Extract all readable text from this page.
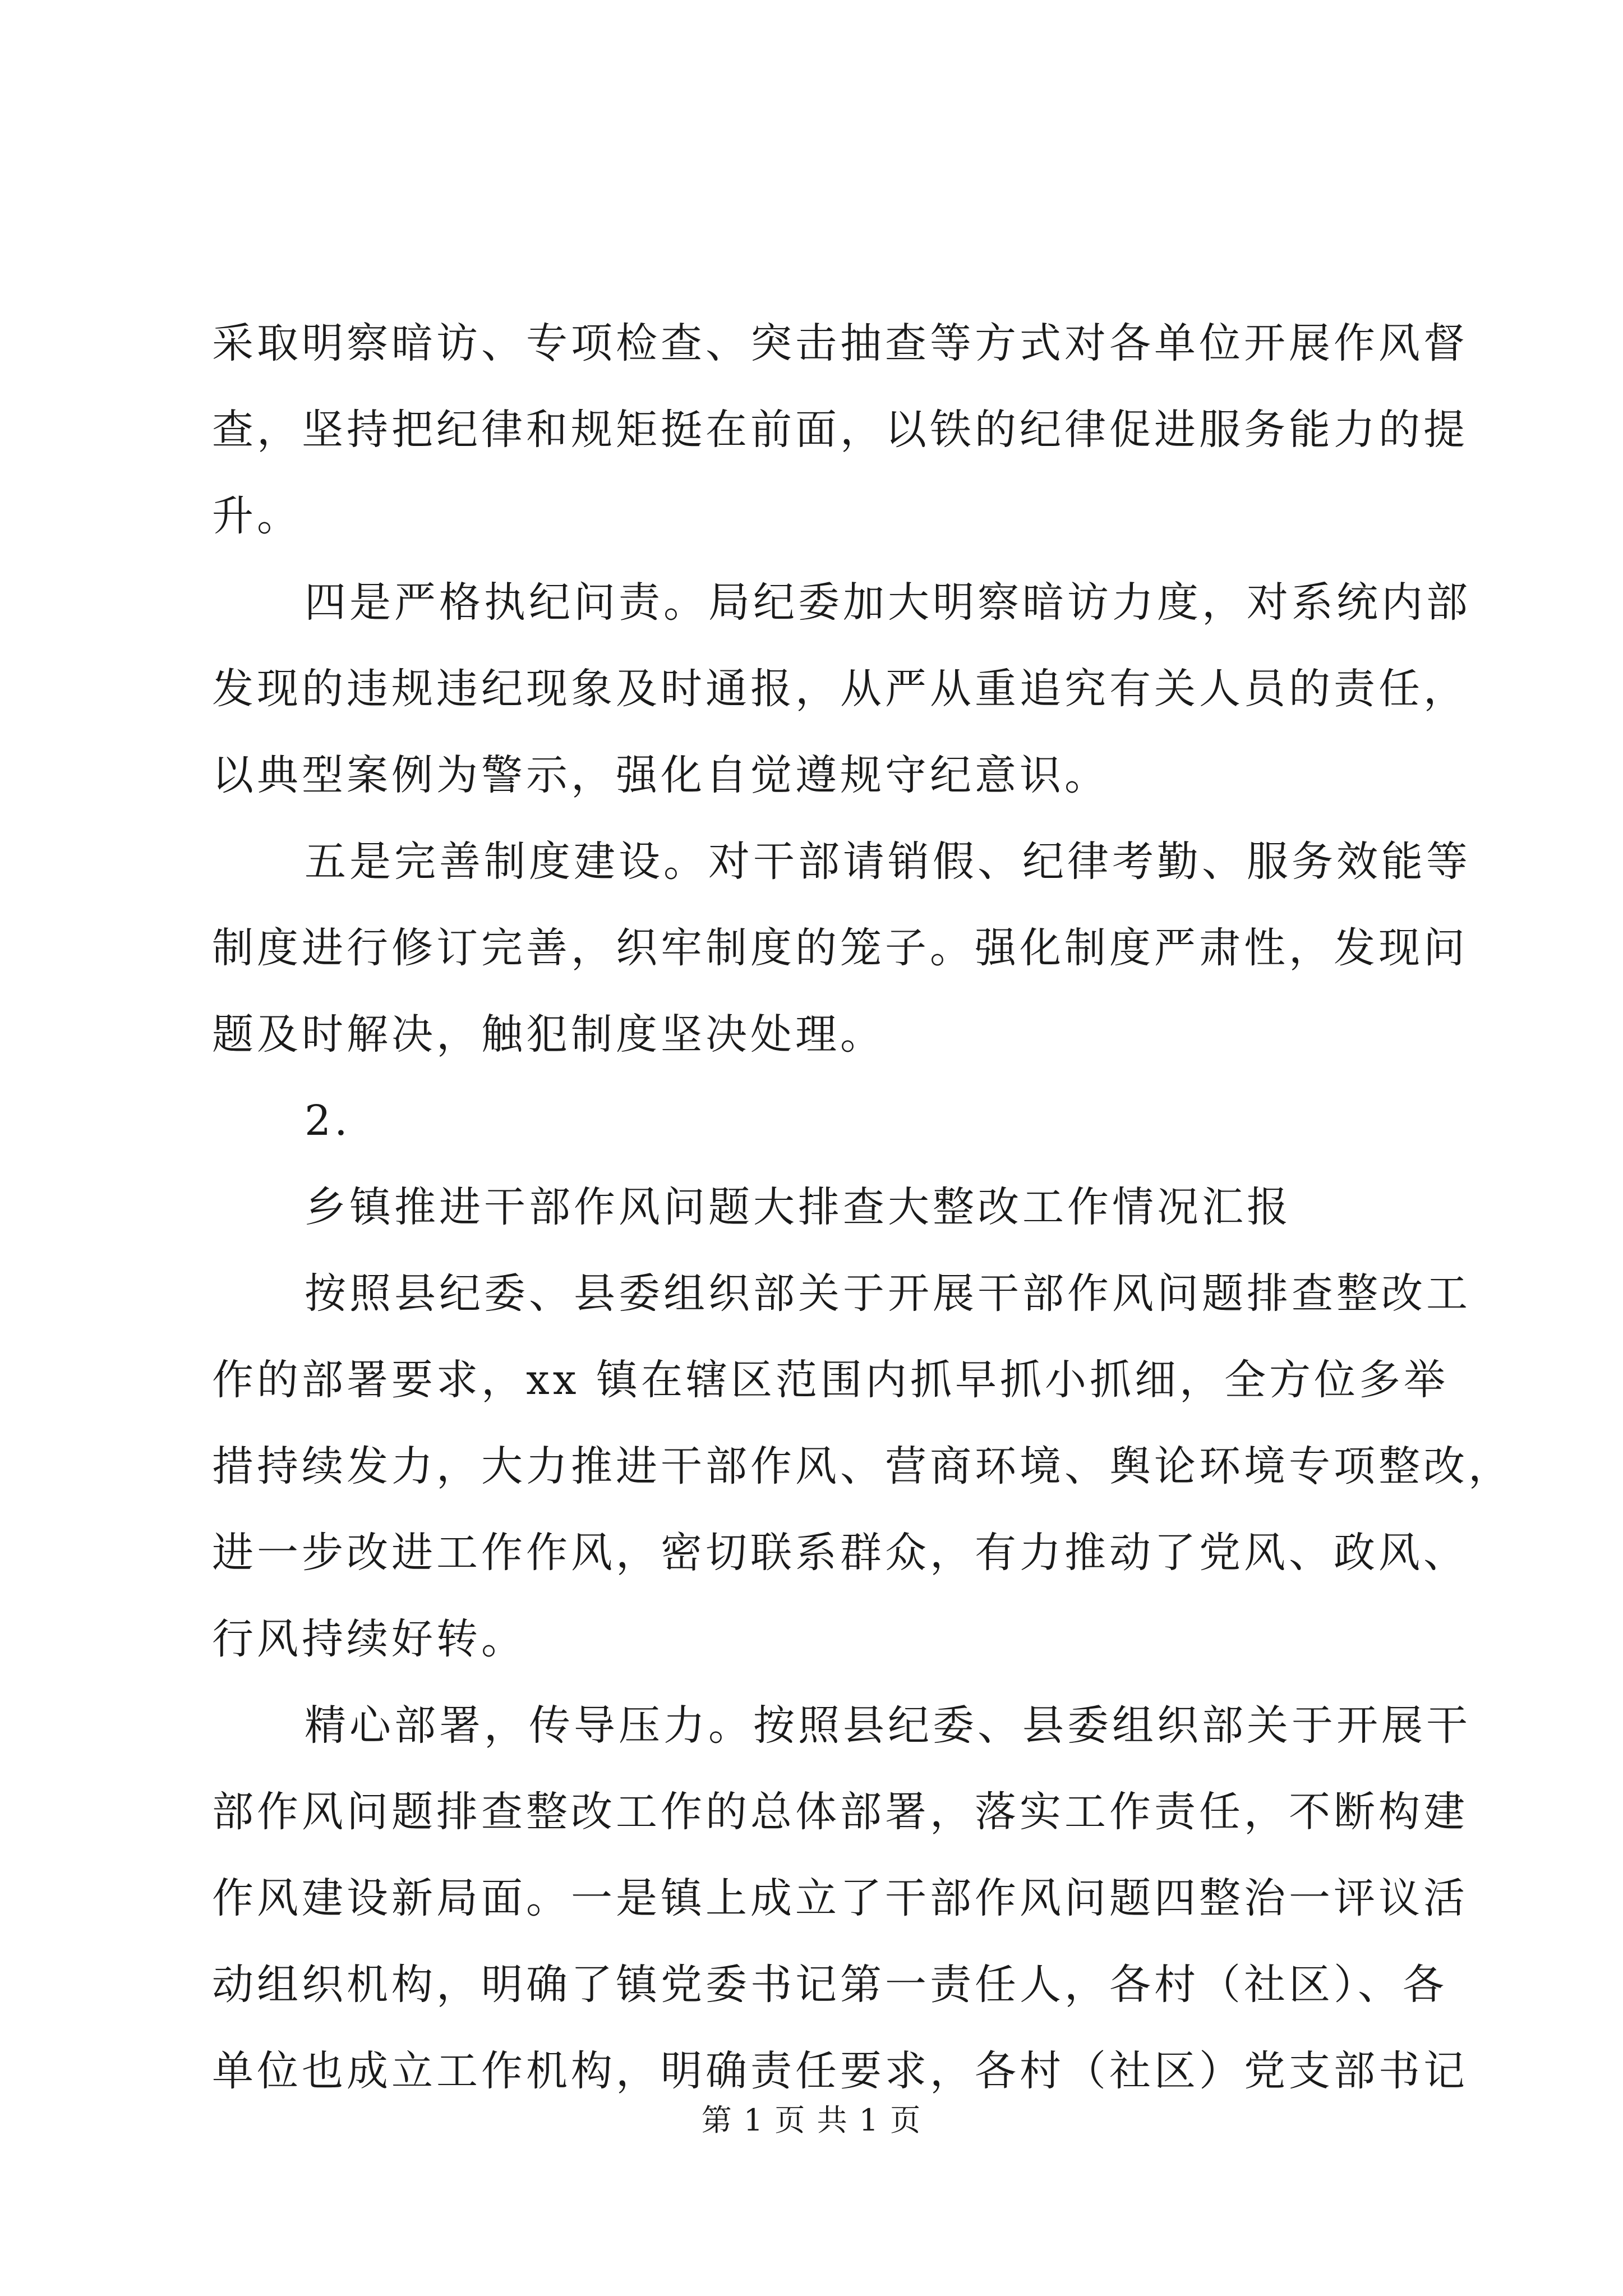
采取明察暗访、专项检查、突击抽查等方式对各单位开展作风督
查，坚持把纪律和规矩挺在前面，以铁的纪律促进服务能力的提
升。
四是严格执纪问责。局纪委加大明察暗访力度，对系统内部
发现的违规违纪现象及时通报，从严从重追究有关人员的责任，
以典型案例为警示，强化自觉遵规守纪意识。
五是完善制度建设。对干部请销假、纪律考勤、服务效能等
制度进行修订完善，织牢制度的笼子。强化制度严肃性，发现问
题及时解决，触犯制度坚决处理。
2.
乡镇推进干部作风问题大排查大整改工作情况汇报
按照县纪委、县委组织部关于开展干部作风问题排查整改工
作的部署要求，xx 镇在辖区范围内抓早抓小抓细，全方位多举
措持续发力，大力推进干部作风、营商环境、舆论环境专项整改，
进一步改进工作作风，密切联系群众，有力推动了党风、政风、
行风持续好转。
精心部署，传导压力。按照县纪委、县委组织部关于开展干
部作风问题排查整改工作的总体部署，落实工作责任，不断构建
作风建设新局面。一是镇上成立了干部作风问题四整治一评议活
动组织机构，明确了镇党委书记第一责任人，各村（社区）、各
单位也成立工作机构，明确责任要求，各村（社区）党支部书记
第 1 页 共 1 页
